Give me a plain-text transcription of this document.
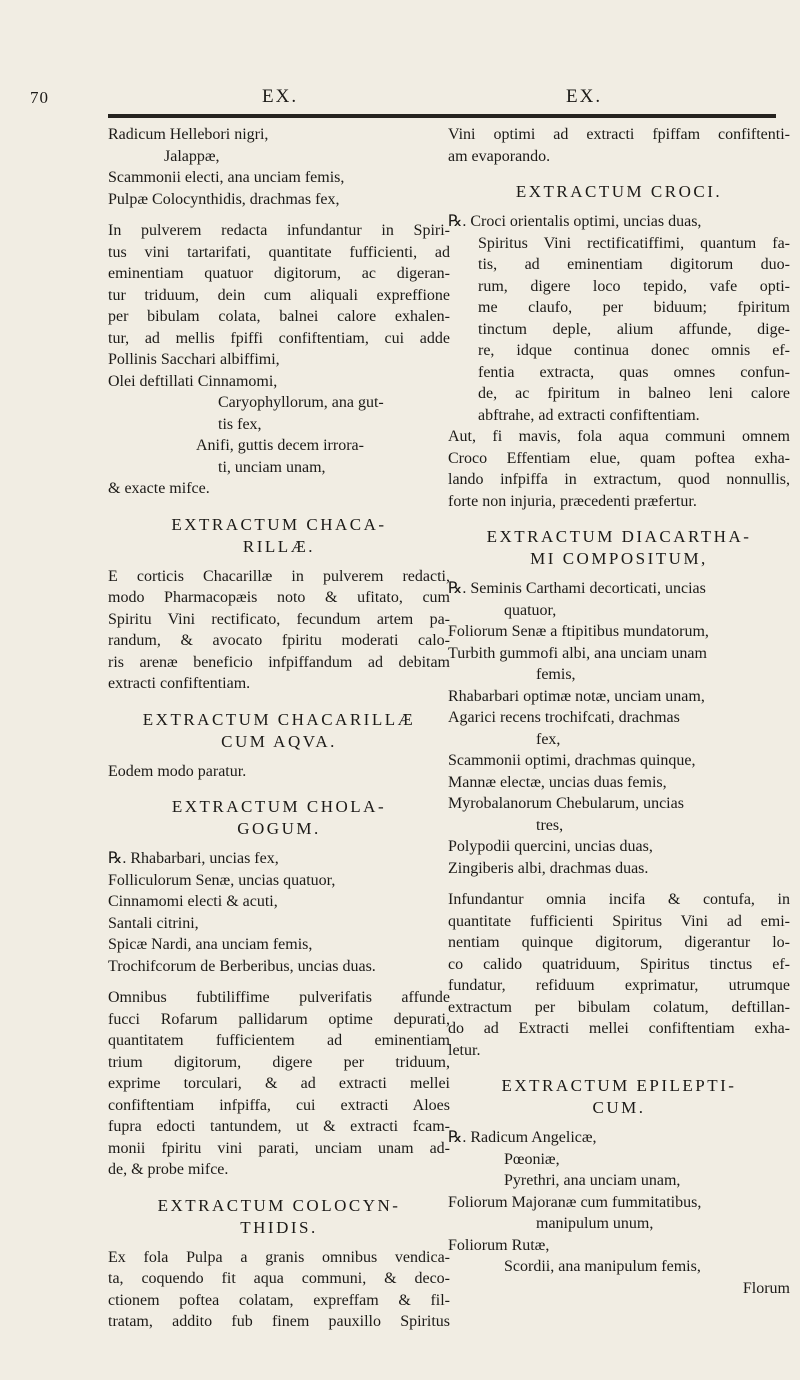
70	EX.	EX.
Radicum Hellebori nigri,
Jalappæ,
Scammonii electi, ana unciam femis,
Pulpæ Colocynthidis, drachmas fex,
In pulverem redacta infundantur in Spiri-
tus vini tartarifati, quantitate fufficienti, ad
eminentiam quatuor digitorum, ac digeran-
tur triduum, dein cum aliquali expreffione
per bibulam colata, balnei calore exhalen-
tur, ad mellis fpiffi confiftentiam, cui adde
Pollinis Sacchari albiffimi,
Olei deftillati Cinnamomi,
Caryophyllorum, ana gut-
tis fex,
Anifi, guttis decem irrora-
ti, unciam unam,
& exacte mifce.
EXTRACTUM CHACA-
RILLÆ.
E corticis Chacarillæ in pulverem redacti,
modo Pharmacopæis noto & ufitato, cum
Spiritu Vini rectificato, fecundum artem pa-
randum, & avocato fpiritu moderati calo-
ris arenæ beneficio infpiffandum ad debitam
extracti confiftentiam.
EXTRACTUM CHACARILLÆ
CUM AQVA.
Eodem modo paratur.
EXTRACTUM CHOLA-
GOGUM.
℞. Rhabarbari, uncias fex,
Folliculorum Senæ, uncias quatuor,
Cinnamomi electi & acuti,
Santali citrini,
Spicæ Nardi, ana unciam femis,
Trochifcorum de Berberibus, uncias duas.
Omnibus fubtiliffime pulverifatis affunde
fucci Rofarum pallidarum optime depurati,
quantitatem fufficientem ad eminentiam
trium digitorum, digere per triduum,
exprime torculari, & ad extracti mellei
confiftentiam infpiffa, cui extracti Aloes
fupra edocti tantundem, ut & extracti fcam-
monii fpiritu vini parati, unciam unam ad-
de, & probe mifce.
EXTRACTUM COLOCYN-
THIDIS.
Ex fola Pulpa a granis omnibus vendica-
ta, coquendo fit aqua communi, & deco-
ctionem poftea colatam, expreffam & fil-
tratam, addito fub finem pauxillo Spiritus
Vini optimi ad extracti fpiffam confiftenti-
am evaporando.
EXTRACTUM CROCI.
℞. Croci orientalis optimi, uncias duas,
Spiritus Vini rectificatiffimi, quantum fa-
tis, ad eminentiam digitorum duo-
rum, digere loco tepido, vafe opti-
me claufo, per biduum; fpiritum
tinctum deple, alium affunde, dige-
re, idque continua donec omnis ef-
fentia extracta, quas omnes confun-
de, ac fpiritum in balneo leni calore
abftrahe, ad extracti confiftentiam.
Aut, fi mavis, fola aqua communi omnem
Croco Effentiam elue, quam poftea exha-
lando infpiffa in extractum, quod nonnullis,
forte non injuria, præcedenti præfertur.
EXTRACTUM DIACARTHA-
MI COMPOSITUM,
℞. Seminis Carthami decorticati, uncias
quatuor,
Foliorum Senæ a ftipitibus mundatorum,
Turbith gummofi albi, ana unciam unam
femis,
Rhabarbari optimæ notæ, unciam unam,
Agarici recens trochifcati, drachmas
fex,
Scammonii optimi, drachmas quinque,
Mannæ electæ, uncias duas femis,
Myrobalanorum Chebularum, uncias
tres,
Polypodii quercini, uncias duas,
Zingiberis albi, drachmas duas.
Infundantur omnia incifa & contufa, in
quantitate fufficienti Spiritus Vini ad emi-
nentiam quinque digitorum, digerantur lo-
co calido quatriduum, Spiritus tinctus ef-
fundatur, refiduum exprimatur, utrumque
extractum per bibulam colatum, deftillan-
do ad Extracti mellei confiftentiam exha-
letur.
EXTRACTUM EPILEPTI-
CUM.
℞. Radicum Angelicæ,
Pœoniæ,
Pyrethri, ana unciam unam,
Foliorum Majoranæ cum fummitatibus,
manipulum unum,
Foliorum Rutæ,
Scordii, ana manipulum femis,
Florum
